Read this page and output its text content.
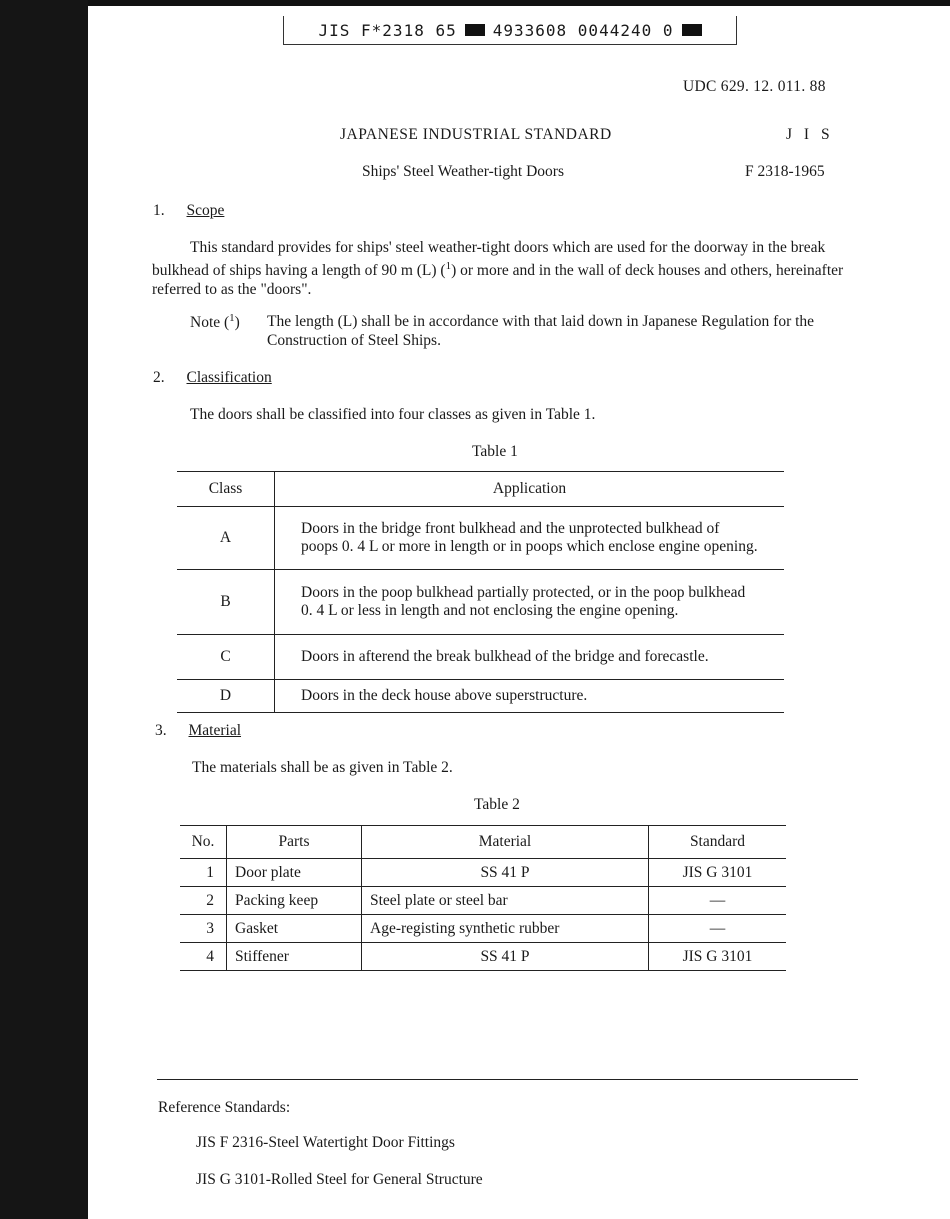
JIS F*2318 65 4933608 0044240 0
UDC 629. 12. 011. 88
JAPANESE INDUSTRIAL STANDARD	J I S
Ships' Steel Weather-tight Doors	F 2318-1965
1. Scope
This standard provides for ships' steel weather-tight doors which are used for the doorway in the break bulkhead of ships having a length of 90 m (L) ($^1$) or more and in the wall of deck houses and others, hereinafter referred to as the "doors".
Note ($^1$) The length (L) shall be in accordance with that laid down in Japanese Regulation for the Construction of Steel Ships.
2. Classification
The doors shall be classified into four classes as given in Table 1.
Table 1
Class	Application
A	Doors in the bridge front bulkhead and the unprotected bulkhead of poops 0. 4 L or more in length or in poops which enclose engine opening.
B	Doors in the poop bulkhead partially protected, or in the poop bulkhead 0. 4 L or less in length and not enclosing the engine opening.
C	Doors in afterend the break bulkhead of the bridge and forecastle.
D	Doors in the deck house above superstructure.
3. Material
The materials shall be as given in Table 2.
Table 2
No.	Parts	Material	Standard
1	Door plate	SS 41 P	JIS G 3101
2	Packing keep	Steel plate or steel bar	—
3	Gasket	Age-registing synthetic rubber	—
4	Stiffener	SS 41 P	JIS G 3101
Reference Standards:
JIS F 2316-Steel Watertight Door Fittings
JIS G 3101-Rolled Steel for General Structure
